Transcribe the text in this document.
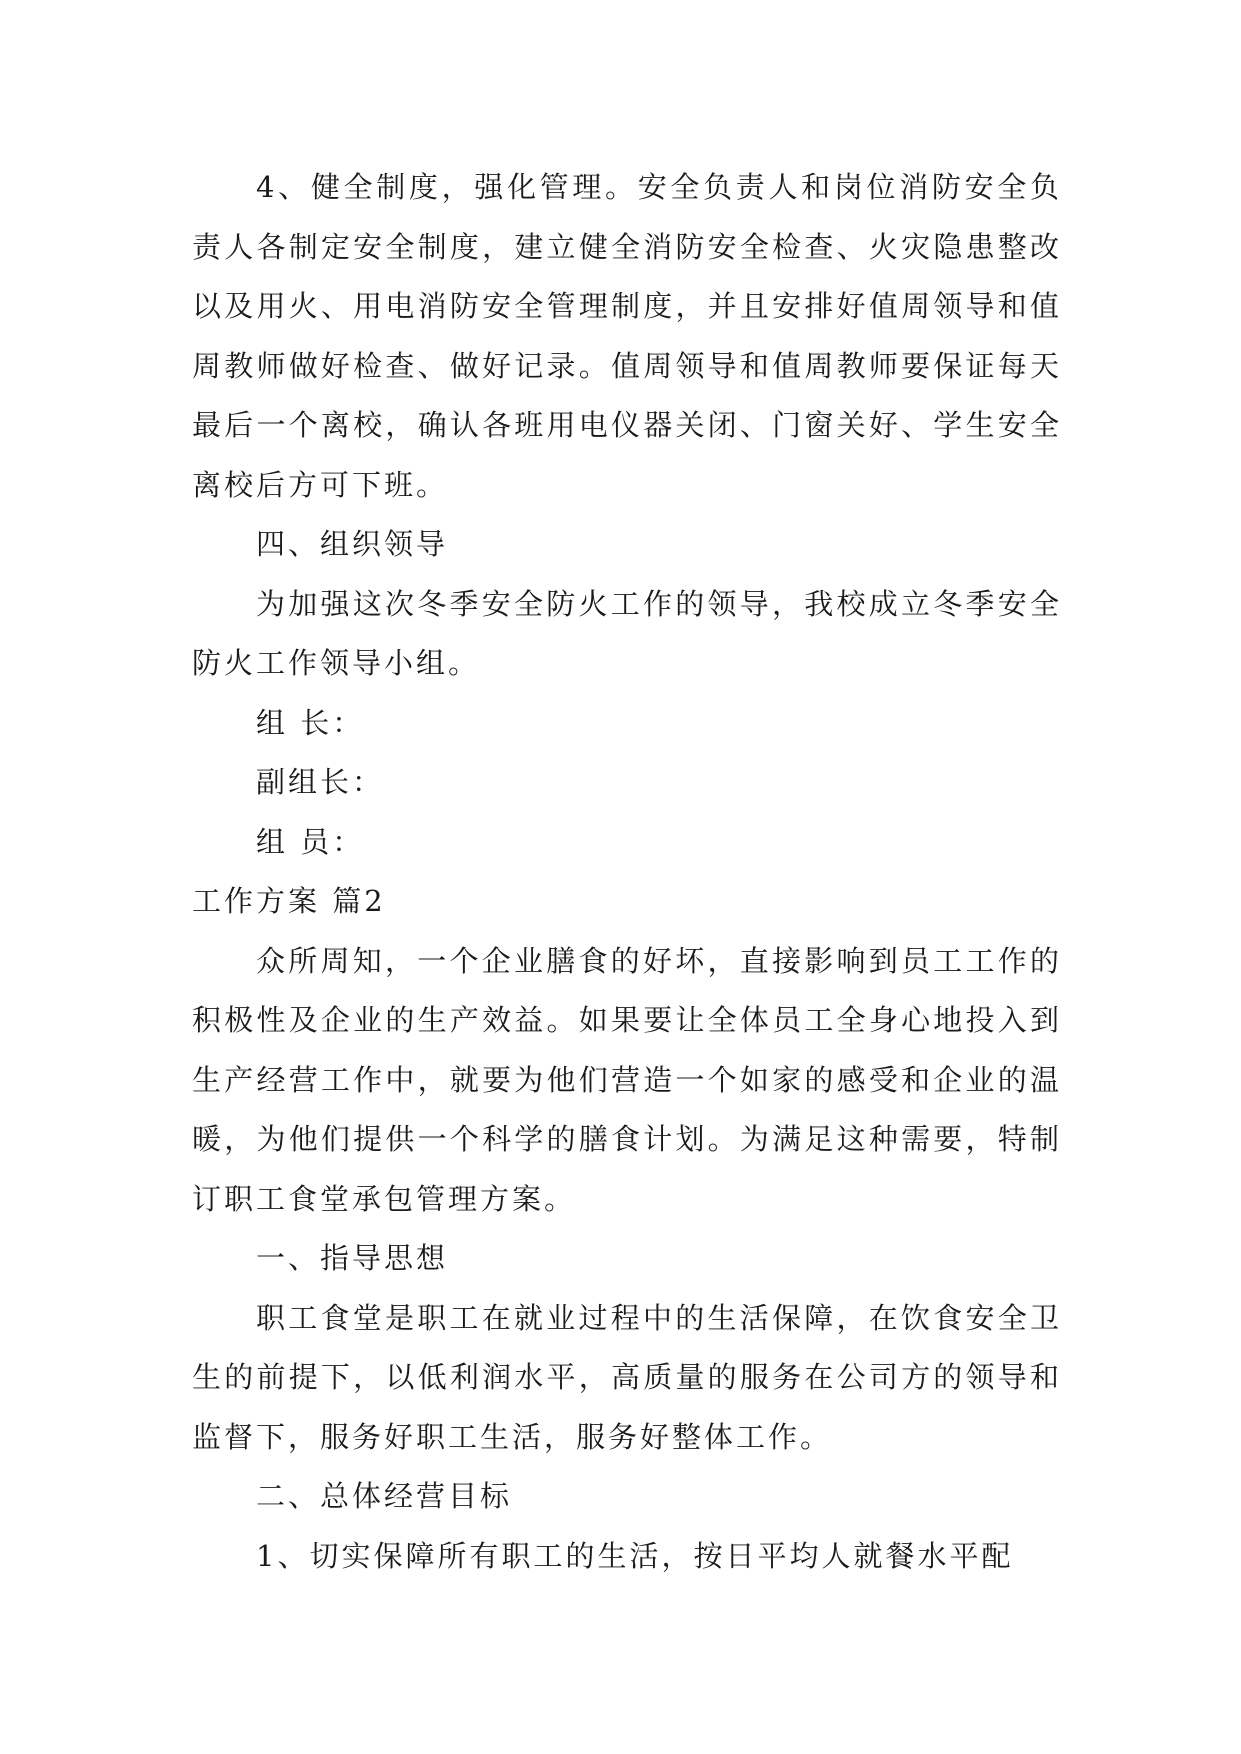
4、健全制度，强化管理。安全负责人和岗位消防安全负责人各制定安全制度，建立健全消防安全检查、火灾隐患整改以及用火、用电消防安全管理制度，并且安排好值周领导和值周教师做好检查、做好记录。值周领导和值周教师要保证每天最后一个离校，确认各班用电仪器关闭、门窗关好、学生安全离校后方可下班。

四、组织领导

为加强这次冬季安全防火工作的领导，我校成立冬季安全防火工作领导小组。

组 长：

副组长：

组 员：

工作方案 篇2

众所周知，一个企业膳食的好坏，直接影响到员工工作的积极性及企业的生产效益。如果要让全体员工全身心地投入到生产经营工作中，就要为他们营造一个如家的感受和企业的温暖，为他们提供一个科学的膳食计划。为满足这种需要，特制订职工食堂承包管理方案。

一、指导思想

职工食堂是职工在就业过程中的生活保障，在饮食安全卫生的前提下，以低利润水平，高质量的服务在公司方的领导和监督下，服务好职工生活，服务好整体工作。

二、总体经营目标

1、切实保障所有职工的生活，按日平均人就餐水平配
